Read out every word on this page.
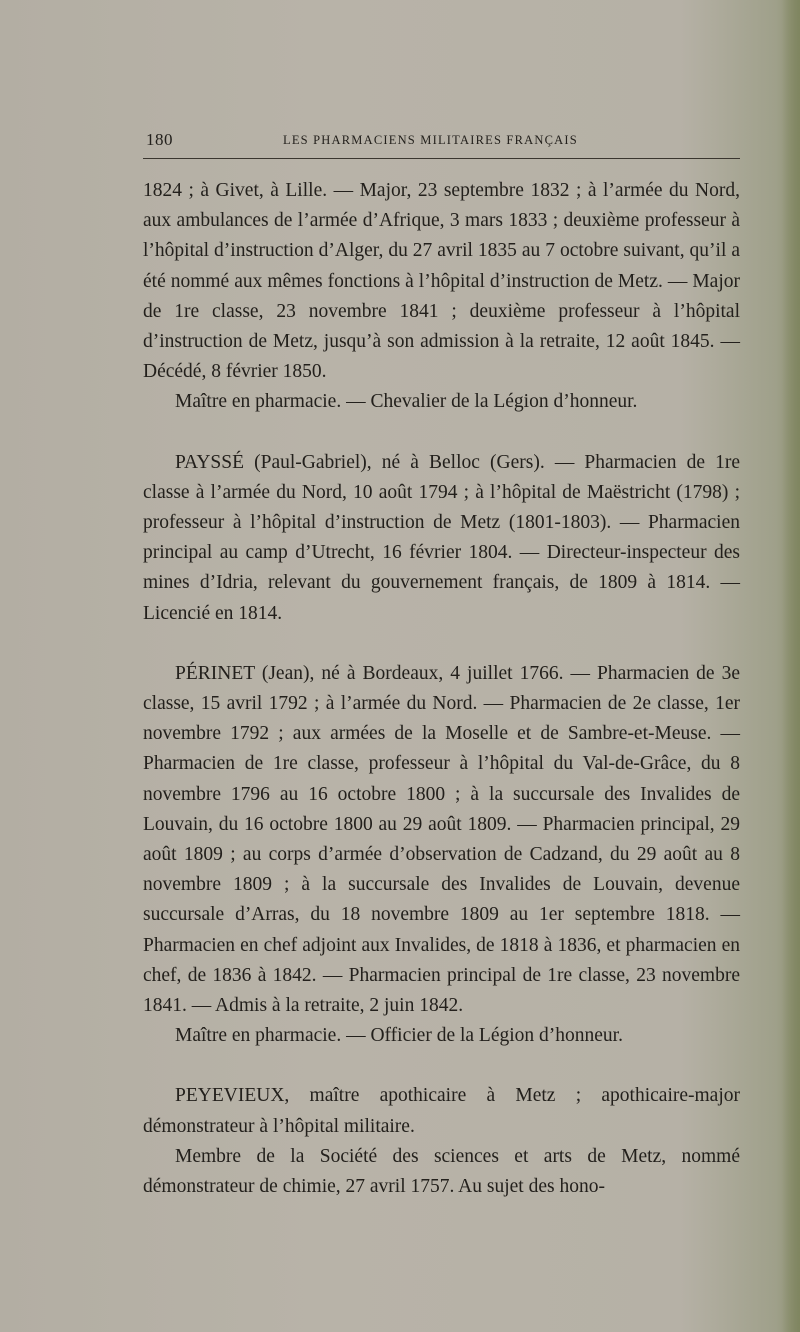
180	LES PHARMACIENS MILITAIRES FRANÇAIS

1824 ; à Givet, à Lille. — Major, 23 septembre 1832 ; à l’armée du Nord, aux ambulances de l’armée d’Afrique, 3 mars 1833 ; deuxième professeur à l’hôpital d’instruction d’Alger, du 27 avril 1835 au 7 octobre suivant, qu’il a été nommé aux mêmes fonctions à l’hôpital d’instruction de Metz. — Major de 1re classe, 23 novembre 1841 ; deuxième professeur à l’hôpital d’instruction de Metz, jusqu’à son admission à la retraite, 12 août 1845. — Décédé, 8 février 1850.

Maître en pharmacie. — Chevalier de la Légion d’honneur.

PAYSSÉ (Paul-Gabriel), né à Belloc (Gers). — Pharmacien de 1re classe à l’armée du Nord, 10 août 1794 ; à l’hôpital de Maëstricht (1798) ; professeur à l’hôpital d’instruction de Metz (1801-1803). — Pharmacien principal au camp d’Utrecht, 16 février 1804. — Directeur-inspecteur des mines d’Idria, relevant du gouvernement français, de 1809 à 1814. — Licencié en 1814.

PÉRINET (Jean), né à Bordeaux, 4 juillet 1766. — Pharmacien de 3e classe, 15 avril 1792 ; à l’armée du Nord. — Pharmacien de 2e classe, 1er novembre 1792 ; aux armées de la Moselle et de Sambre-et-Meuse. — Pharmacien de 1re classe, professeur à l’hôpital du Val-de-Grâce, du 8 novembre 1796 au 16 octobre 1800 ; à la succursale des Invalides de Louvain, du 16 octobre 1800 au 29 août 1809. — Pharmacien principal, 29 août 1809 ; au corps d’armée d’observation de Cadzand, du 29 août au 8 novembre 1809 ; à la succursale des Invalides de Louvain, devenue succursale d’Arras, du 18 novembre 1809 au 1er septembre 1818. — Pharmacien en chef adjoint aux Invalides, de 1818 à 1836, et pharmacien en chef, de 1836 à 1842. — Pharmacien principal de 1re classe, 23 novembre 1841. — Admis à la retraite, 2 juin 1842.

Maître en pharmacie. — Officier de la Légion d’honneur.

PEYEVIEUX, maître apothicaire à Metz ; apothicaire-major démonstrateur à l’hôpital militaire.

Membre de la Société des sciences et arts de Metz, nommé démonstrateur de chimie, 27 avril 1757. Au sujet des hono-
